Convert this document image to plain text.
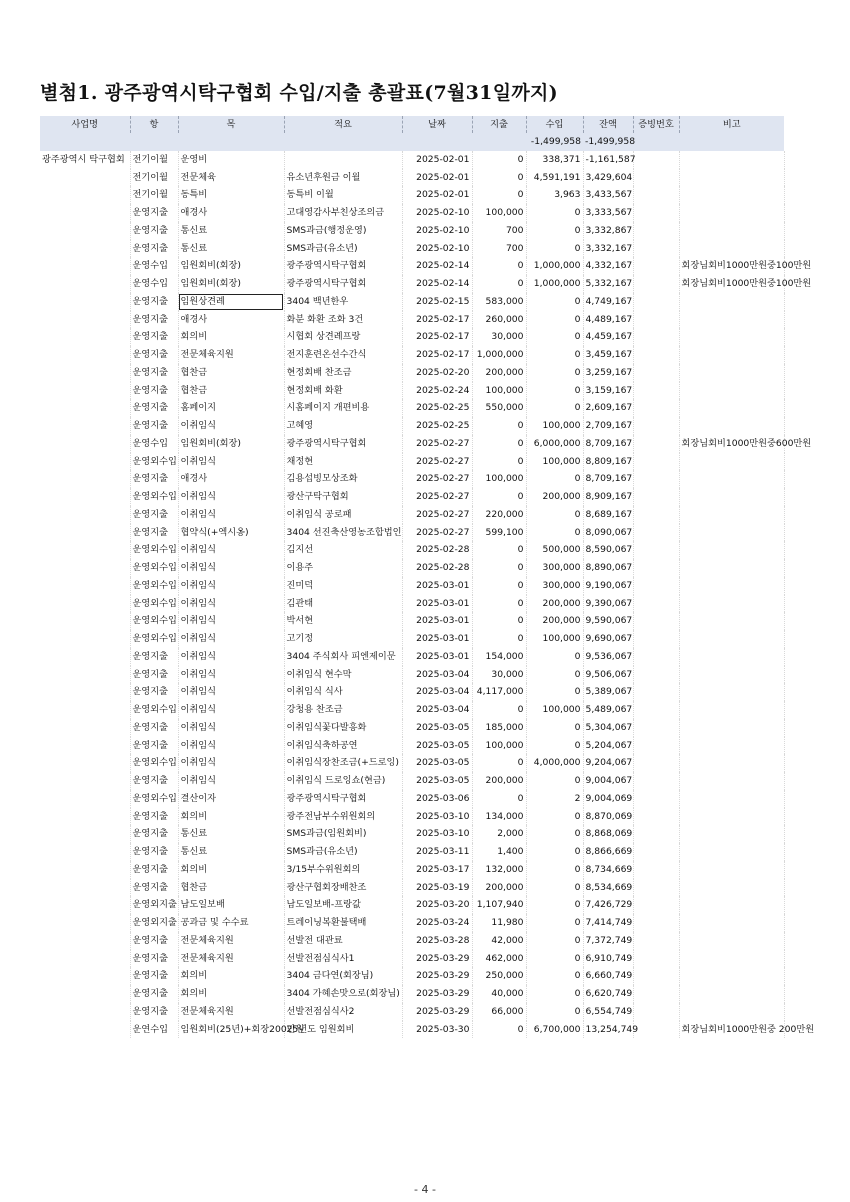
별첨1. 광주광역시탁구협회 수입/지출 총괄표(7월31일까지)
사업명	항	목	적요	날짜	지출	수입	잔액	증빙번호	비고
						-1,499,958	-1,499,958		
광주광역시 탁구협회	전기이월	운영비		2025-02-01	0	338,371	-1,161,587		
	전기이월	전문체육	유소년후원금 이월	2025-02-01	0	4,591,191	3,429,604		
	전기이월	동특비	동특비 이월	2025-02-01	0	3,963	3,433,567		
	운영지출	애경사	고대영감사부친상조의금	2025-02-10	100,000	0	3,333,567		
	운영지출	통신료	SMS과금(행정운영)	2025-02-10	700	0	3,332,867		
	운영지출	통신료	SMS과금(유소년)	2025-02-10	700	0	3,332,167		
	운영수입	임원회비(회장)	광주광역시탁구협회	2025-02-14	0	1,000,000	4,332,167		회장님회비1000만원중100만원
	운영수입	임원회비(회장)	광주광역시탁구협회	2025-02-14	0	1,000,000	5,332,167		회장님회비1000만원중100만원
	운영지출	임원상견례	3404 백년한우	2025-02-15	583,000	0	4,749,167		
	운영지출	애경사	화분 화환 조화 3건	2025-02-17	260,000	0	4,489,167		
	운영지출	회의비	시협회 상견례프랑	2025-02-17	30,000	0	4,459,167		
	운영지출	전문체육지원	전지훈련온선수간식	2025-02-17	1,000,000	0	3,459,167		
	운영지출	협찬금	현정회배 찬조금	2025-02-20	200,000	0	3,259,167		
	운영지출	협찬금	현정회배 화환	2025-02-24	100,000	0	3,159,167		
	운영지출	홈페이지	시홈페이지 개편비용	2025-02-25	550,000	0	2,609,167		
	운영지출	이취임식	고혜영	2025-02-25	0	100,000	2,709,167		
	운영수입	임원회비(회장)	광주광역시탁구협회	2025-02-27	0	6,000,000	8,709,167		회장님회비1000만원중600만원
	운영외수입	이취임식	채정현	2025-02-27	0	100,000	8,809,167		
	운영지출	애경사	김용섭빙모상조화	2025-02-27	100,000	0	8,709,167		
	운영외수입	이취임식	광산구탁구협회	2025-02-27	0	200,000	8,909,167		
	운영지출	이취임식	이취임식 공로패	2025-02-27	220,000	0	8,689,167		
	운영지출	협약식(+엑시옹)	3404 선진축산영농조합법인	2025-02-27	599,100	0	8,090,067		
	운영외수입	이취임식	김지선	2025-02-28	0	500,000	8,590,067		
	운영외수입	이취임식	이용주	2025-02-28	0	300,000	8,890,067		
	운영외수입	이취임식	진미덕	2025-03-01	0	300,000	9,190,067		
	운영외수입	이취임식	김관태	2025-03-01	0	200,000	9,390,067		
	운영외수입	이취임식	박서현	2025-03-01	0	200,000	9,590,067		
	운영외수입	이취임식	고기정	2025-03-01	0	100,000	9,690,067		
	운영지출	이취임식	3404 주식회사 피엔제이문	2025-03-01	154,000	0	9,536,067		
	운영지출	이취임식	이취임식 현수막	2025-03-04	30,000	0	9,506,067		
	운영지출	이취임식	이취임식 식사	2025-03-04	4,117,000	0	5,389,067		
	운영외수입	이취임식	강청용 찬조금	2025-03-04	0	100,000	5,489,067		
	운영지출	이취임식	이취임식꽃다발흥화	2025-03-05	185,000	0	5,304,067		
	운영지출	이취임식	이취임식축하공연	2025-03-05	100,000	0	5,204,067		
	운영외수입	이취임식	이취임식장찬조금(+드로잉)	2025-03-05	0	4,000,000	9,204,067		
	운영지출	이취임식	이취임식 드로잉쇼(현금)	2025-03-05	200,000	0	9,004,067		
	운영외수입	결산이자	광주광역시탁구협회	2025-03-06	0	2	9,004,069		
	운영지출	회의비	광주전남부수위원회의	2025-03-10	134,000	0	8,870,069		
	운영지출	통신료	SMS과금(임원회비)	2025-03-10	2,000	0	8,868,069		
	운영지출	통신료	SMS과금(유소년)	2025-03-11	1,400	0	8,866,669		
	운영지출	회의비	3/15부수위원회의	2025-03-17	132,000	0	8,734,669		
	운영지출	협찬금	광산구협회장배찬조	2025-03-19	200,000	0	8,534,669		
	운영외지출	남도일보배	남도일보배-프랑값	2025-03-20	1,107,940	0	7,426,729		
	운영외지출	공과금 및 수수료	트레이닝복환불택배	2025-03-24	11,980	0	7,414,749		
	운영지출	전문체육지원	선발전 대관료	2025-03-28	42,000	0	7,372,749		
	운영지출	전문체육지원	선발전점심식사1	2025-03-29	462,000	0	6,910,749		
	운영지출	회의비	3404 금다연(회장님)	2025-03-29	250,000	0	6,660,749		
	운영지출	회의비	3404 가혜손맛으로(회장님)	2025-03-29	40,000	0	6,620,749		
	운영지출	전문체육지원	선발전점심식사2	2025-03-29	66,000	0	6,554,749		
	운연수입	임원회비(25년)+회장200만원	25년도 임원회비	2025-03-30	0	6,700,000	13,254,749		회장님회비1000만원중 200만원
- 4 -
